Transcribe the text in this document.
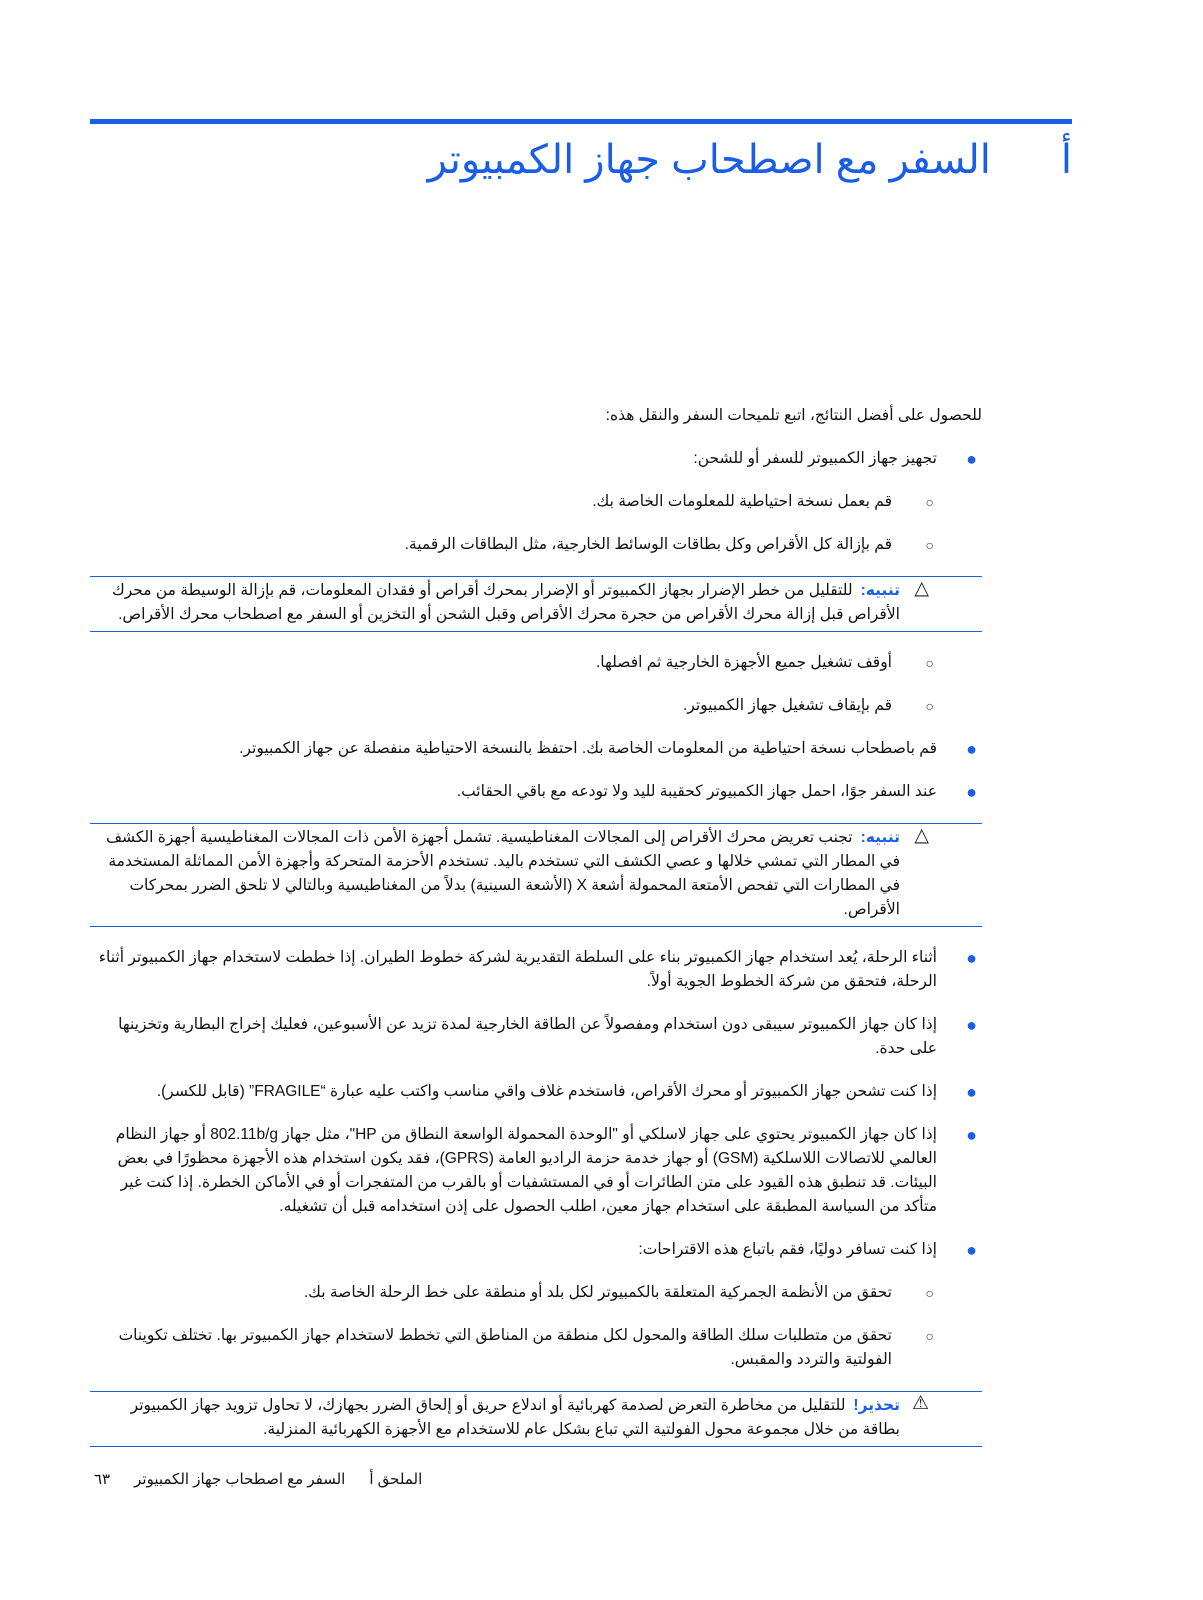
أالسفر مع اصطحاب جهاز الكمبيوتر

للحصول على أفضل النتائج، اتبع تلميحات السفر والنقل هذه:

●
تجهيز جهاز الكمبيوتر للسفر أو للشحن:
○
قم بعمل نسخة احتياطية للمعلومات الخاصة بك.
○
قم بإزالة كل الأقراص وكل بطاقات الوسائط الخارجية، مثل البطاقات الرقمية.
△
تنبيه:للتقليل من خطر الإضرار بجهاز الكمبيوتر أو الإضرار بمحرك أقراص أو فقدان المعلومات، قم بإزالة الوسيطة من محرك الأقراص قبل إزالة محرك الأقراص من حجرة محرك الأقراص وقبل الشحن أو التخزين أو السفر مع اصطحاب محرك الأقراص.
○
أوقف تشغيل جميع الأجهزة الخارجية ثم افصلها.
○
قم بإيقاف تشغيل جهاز الكمبيوتر.
●
قم باصطحاب نسخة احتياطية من المعلومات الخاصة بك. احتفظ بالنسخة الاحتياطية منفصلة عن جهاز الكمبيوتر.
●
عند السفر جوًا، احمل جهاز الكمبيوتر كحقيبة لليد ولا تودعه مع باقي الحقائب.
△
تنبيه:تجنب تعريض محرك الأقراص إلى المجالات المغناطيسية. تشمل أجهزة الأمن ذات المجالات المغناطيسية أجهزة الكشف في المطار التي تمشي خلالها و عصي الكشف التي تستخدم باليد. تستخدم الأحزمة المتحركة وأجهزة الأمن المماثلة المستخدمة في المطارات التي تفحص الأمتعة المحمولة أشعة X (الأشعة السينية) بدلاً من المغناطيسية وبالتالي لا تلحق الضرر بمحركات الأقراص.
●
أثناء الرحلة، يُعد استخدام جهاز الكمبيوتر بناء على السلطة التقديرية لشركة خطوط الطيران. إذا خططت لاستخدام جهاز الكمبيوتر أثناء الرحلة، فتحقق من شركة الخطوط الجوية أولاً.
●
إذا كان جهاز الكمبيوتر سيبقى دون استخدام ومفصولاً عن الطاقة الخارجية لمدة تزيد عن الأسبوعين، فعليك إخراج البطارية وتخزينها على حدة.
●
إذا كنت تشحن جهاز الكمبيوتر أو محرك الأقراص، فاستخدم غلاف واقي مناسب واكتب عليه عبارة “FRAGILE” (قابل للكسر).
●
إذا كان جهاز الكمبيوتر يحتوي على جهاز لاسلكي أو "الوحدة المحمولة الواسعة النطاق من HP"، مثل جهاز 802.11b/g أو جهاز النظام العالمي للاتصالات اللاسلكية (GSM) أو جهاز خدمة حزمة الراديو العامة (GPRS)، فقد يكون استخدام هذه الأجهزة محظورًا في بعض البيئات. قد تنطبق هذه القيود على متن الطائرات أو في المستشفيات أو بالقرب من المتفجرات أو في الأماكن الخطرة. إذا كنت غير متأكد من السياسة المطبقة على استخدام جهاز معين، اطلب الحصول على إذن استخدامه قبل أن تشغيله.
●
إذا كنت تسافر دوليًا، فقم باتباع هذه الاقتراحات:
○
تحقق من الأنظمة الجمركية المتعلقة بالكمبيوتر لكل بلد أو منطقة على خط الرحلة الخاصة بك.
○
تحقق من متطلبات سلك الطاقة والمحول لكل منطقة من المناطق التي تخطط لاستخدام جهاز الكمبيوتر بها. تختلف تكوينات الفولتية والتردد والمقبس.
⚠
تحذير!للتقليل من مخاطرة التعرض لصدمة كهربائية أو اندلاع حريق أو إلحاق الضرر بجهازك، لا تحاول تزويد جهاز الكمبيوتر بطاقة من خلال مجموعة محول الفولتية التي تباع بشكل عام للاستخدام مع الأجهزة الكهربائية المنزلية.
الملحق أالسفر مع اصطحاب جهاز الكمبيوتر٦٣
